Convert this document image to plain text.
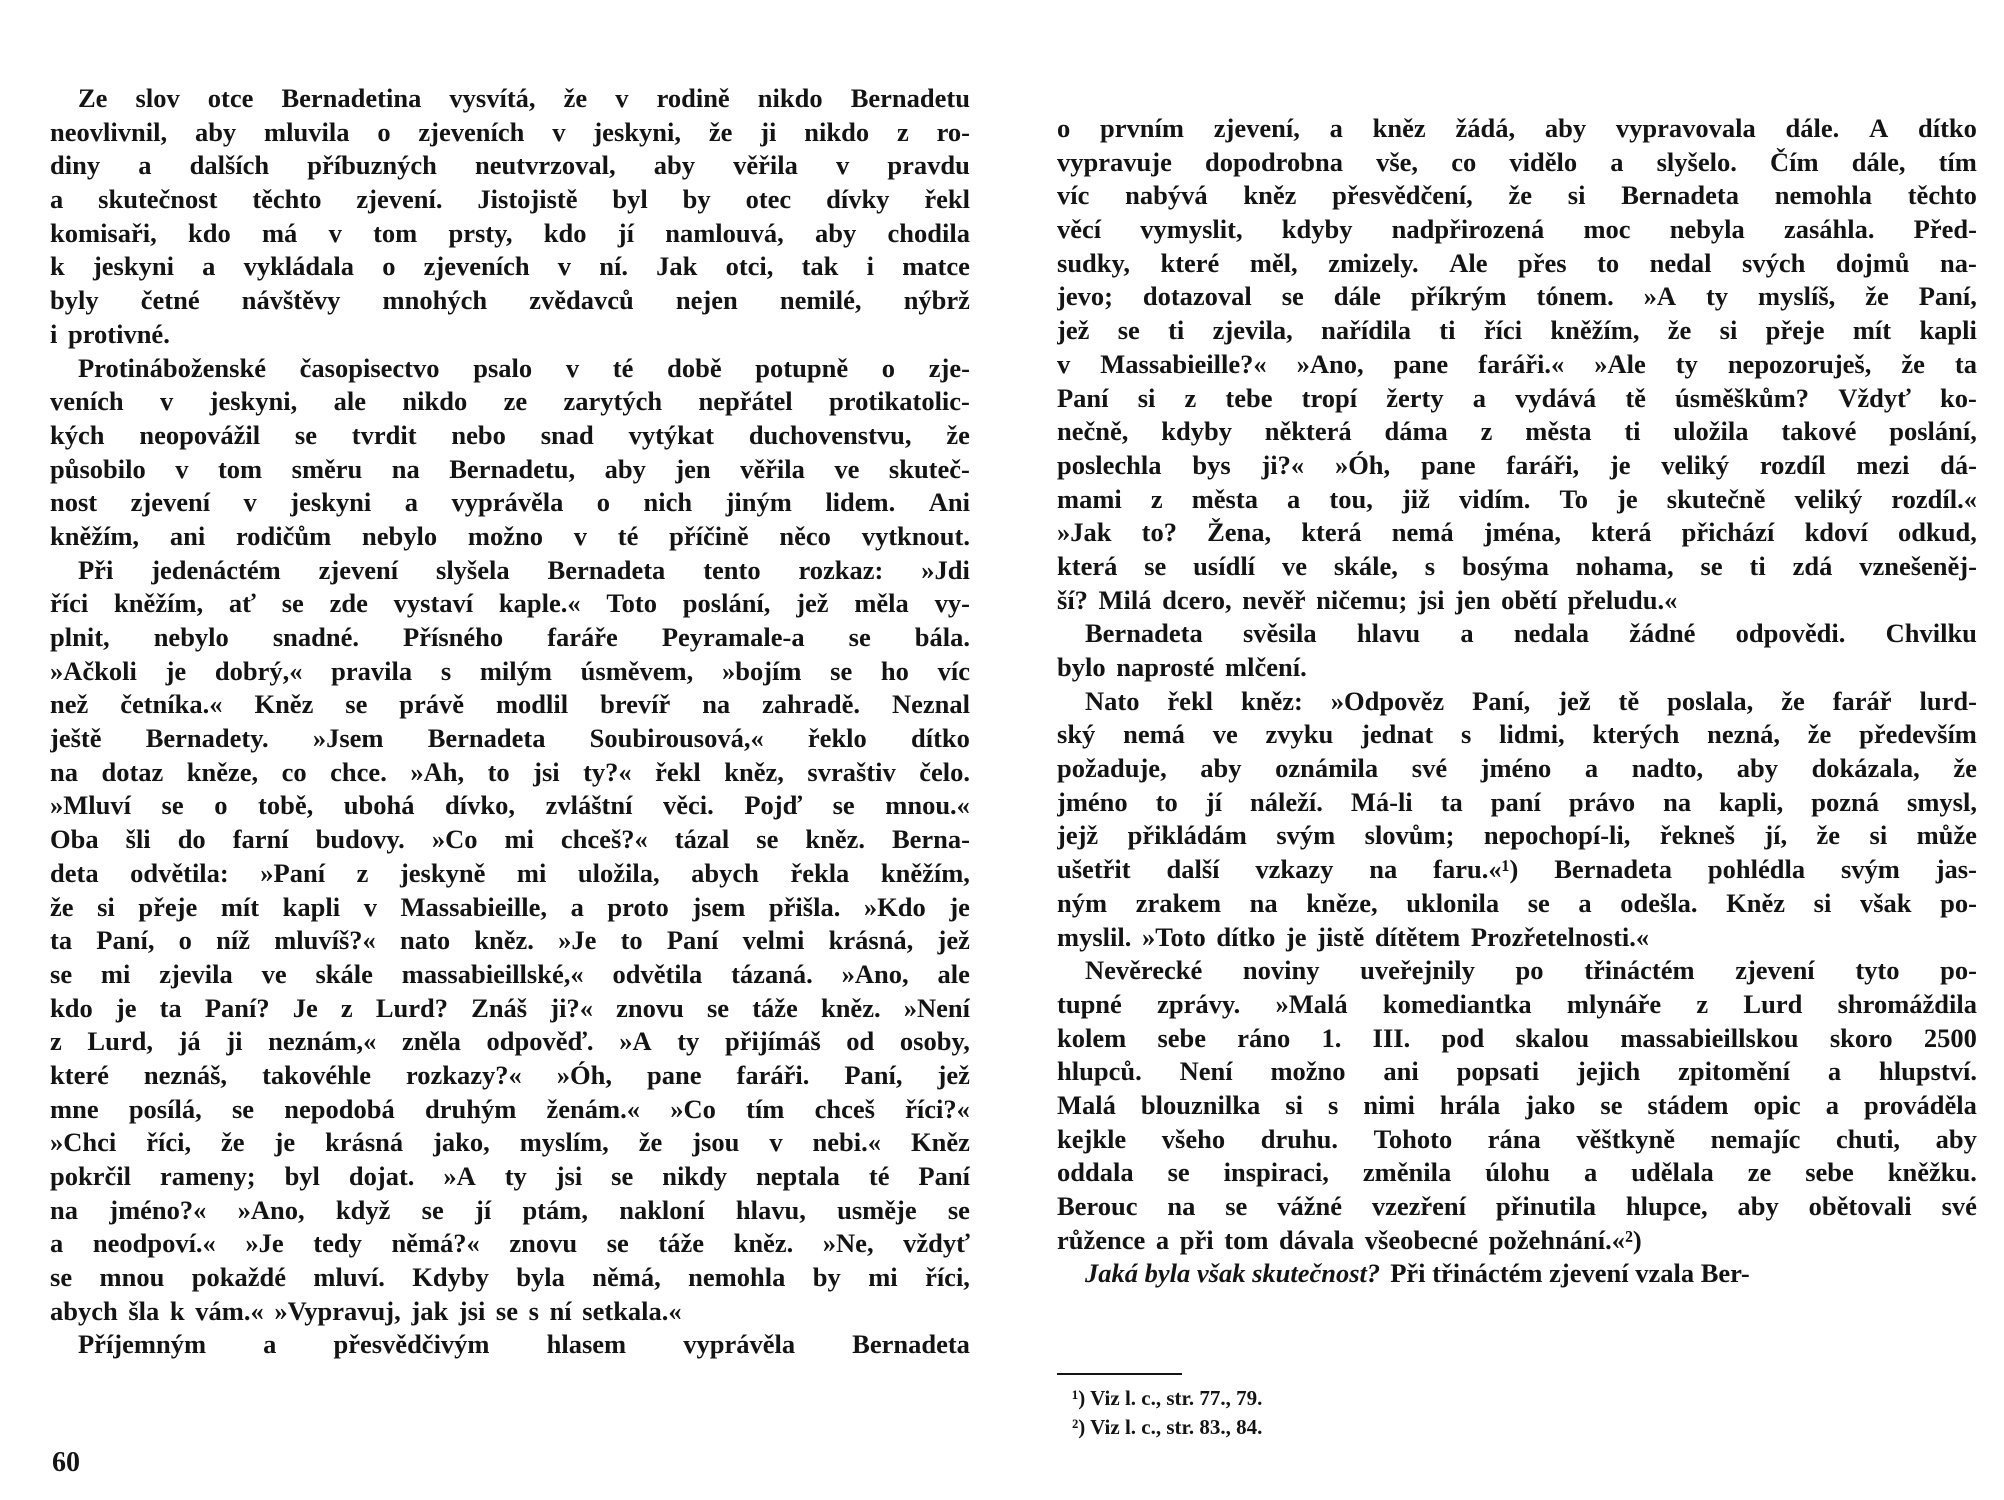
Ze slov otce Bernadetina vysvítá, že v rodině nikdo Bernadetu
neovlivnil, aby mluvila o zjeveních v jeskyni, že ji nikdo z ro-
diny a dalších příbuzných neutvrzoval, aby věřila v pravdu
a skutečnost těchto zjevení. Jistojistě byl by otec dívky řekl
komisaři, kdo má v tom prsty, kdo jí namlouvá, aby chodila
k jeskyni a vykládala o zjeveních v ní. Jak otci, tak i matce
byly četné návštěvy mnohých zvědavců nejen nemilé, nýbrž
i protivné.
Protináboženské časopisectvo psalo v té době potupně o zje-
veních v jeskyni, ale nikdo ze zarytých nepřátel protikatolic-
kých neopovážil se tvrdit nebo snad vytýkat duchovenstvu, že
působilo v tom směru na Bernadetu, aby jen věřila ve skuteč-
nost zjevení v jeskyni a vyprávěla o nich jiným lidem. Ani
kněžím, ani rodičům nebylo možno v té příčině něco vytknout.
Při jedenáctém zjevení slyšela Bernadeta tento rozkaz: »Jdi
říci kněžím, ať se zde vystaví kaple.« Toto poslání, jež měla vy-
plnit, nebylo snadné. Přísného faráře Peyramale-a se bála.
»Ačkoli je dobrý,« pravila s milým úsměvem, »bojím se ho víc
než četníka.« Kněz se právě modlil brevíř na zahradě. Neznal
ještě Bernadety. »Jsem Bernadeta Soubirousová,« řeklo dítko
na dotaz kněze, co chce. »Ah, to jsi ty?« řekl kněz, svraštiv čelo.
»Mluví se o tobě, ubohá dívko, zvláštní věci. Pojď se mnou.«
Oba šli do farní budovy. »Co mi chceš?« tázal se kněz. Berna-
deta odvětila: »Paní z jeskyně mi uložila, abych řekla kněžím,
že si přeje mít kapli v Massabieille, a proto jsem přišla. »Kdo je
ta Paní, o níž mluvíš?« nato kněz. »Je to Paní velmi krásná, jež
se mi zjevila ve skále massabieillské,« odvětila tázaná. »Ano, ale
kdo je ta Paní? Je z Lurd? Znáš ji?« znovu se táže kněz. »Není
z Lurd, já ji neznám,« zněla odpověď. »A ty přijímáš od osoby,
které neznáš, takovéhle rozkazy?« »Óh, pane faráři. Paní, jež
mne posílá, se nepodobá druhým ženám.« »Co tím chceš říci?«
»Chci říci, že je krásná jako, myslím, že jsou v nebi.« Kněz
pokrčil rameny; byl dojat. »A ty jsi se nikdy neptala té Paní
na jméno?« »Ano, když se jí ptám, nakloní hlavu, usměje se
a neodpoví.« »Je tedy němá?« znovu se táže kněz. »Ne, vždyť
se mnou pokaždé mluví. Kdyby byla němá, nemohla by mi říci,
abych šla k vám.« »Vypravuj, jak jsi se s ní setkala.«
Příjemným a přesvědčivým hlasem vyprávěla Bernadeta
60
o prvním zjevení, a kněz žádá, aby vypravovala dále. A dítko
vypravuje dopodrobna vše, co vidělo a slyšelo. Čím dále, tím
víc nabývá kněz přesvědčení, že si Bernadeta nemohla těchto
věcí vymyslit, kdyby nadpřirozená moc nebyla zasáhla. Před-
sudky, které měl, zmizely. Ale přes to nedal svých dojmů na-
jevo; dotazoval se dále příkrým tónem. »A ty myslíš, že Paní,
jež se ti zjevila, nařídila ti říci kněžím, že si přeje mít kapli
v Massabieille?« »Ano, pane faráři.« »Ale ty nepozoruješ, že ta
Paní si z tebe tropí žerty a vydává tě úsměškům? Vždyť ko-
nečně, kdyby některá dáma z města ti uložila takové poslání,
poslechla bys ji?« »Óh, pane faráři, je veliký rozdíl mezi dá-
mami z města a tou, již vidím. To je skutečně veliký rozdíl.«
»Jak to? Žena, která nemá jména, která přichází kdoví odkud,
která se usídlí ve skále, s bosýma nohama, se ti zdá vznešeněj-
ší? Milá dcero, nevěř ničemu; jsi jen obětí přeludu.«
Bernadeta svěsila hlavu a nedala žádné odpovědi. Chvilku
bylo naprosté mlčení.
Nato řekl kněz: »Odpověz Paní, jež tě poslala, že farář lurd-
ský nemá ve zvyku jednat s lidmi, kterých nezná, že především
požaduje, aby oznámila své jméno a nadto, aby dokázala, že
jméno to jí náleží. Má-li ta paní právo na kapli, pozná smysl,
jejž přikládám svým slovům; nepochopí-li, řekneš jí, že si může
ušetřit další vzkazy na faru.«¹) Bernadeta pohlédla svým jas-
ným zrakem na kněze, uklonila se a odešla. Kněz si však po-
myslil. »Toto dítko je jistě dítětem Prozřetelnosti.«
Nevěrecké noviny uveřejnily po třináctém zjevení tyto po-
tupné zprávy. »Malá komediantka mlynáře z Lurd shromáždila
kolem sebe ráno 1. III. pod skalou massabieillskou skoro 2500
hlupců. Není možno ani popsati jejich zpitomění a hlupství.
Malá blouznilka si s nimi hrála jako se stádem opic a prováděla
kejkle všeho druhu. Tohoto rána věštkyně nemajíc chuti, aby
oddala se inspiraci, změnila úlohu a udělala ze sebe kněžku.
Berouc na se vážné vzezření přinutila hlupce, aby obětovali své
růžence a při tom dávala všeobecné požehnání.«²)
Jaká byla však skutečnost? Při třináctém zjevení vzala Ber-
¹) Viz l. c., str. 77., 79.
²) Viz l. c., str. 83., 84.
